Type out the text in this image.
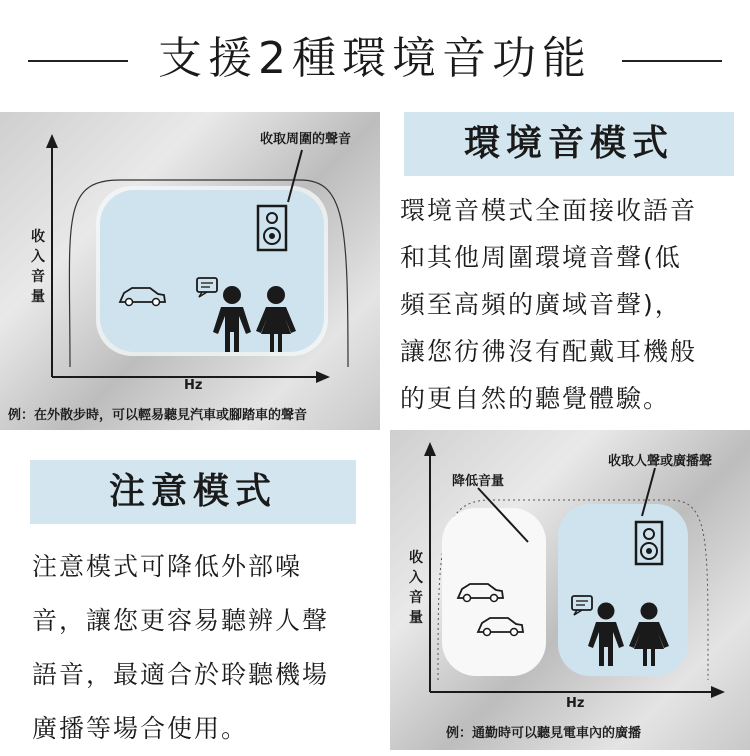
支援2種環境音功能
收取周圍的聲音
收入音量
Hz
例：在外散步時，可以輕易聽見汽車或腳踏車的聲音
環境音模式
環境音模式全面接收語音
和其他周圍環境音聲(低
頻至高頻的廣域音聲)，
讓您彷彿沒有配戴耳機般
的更自然的聽覺體驗。
注意模式
注意模式可降低外部噪
音，讓您更容易聽辨人聲
語音，最適合於聆聽機場
廣播等場合使用。
降低音量
收取人聲或廣播聲
收入音量
Hz
例：通勤時可以聽見電車內的廣播
